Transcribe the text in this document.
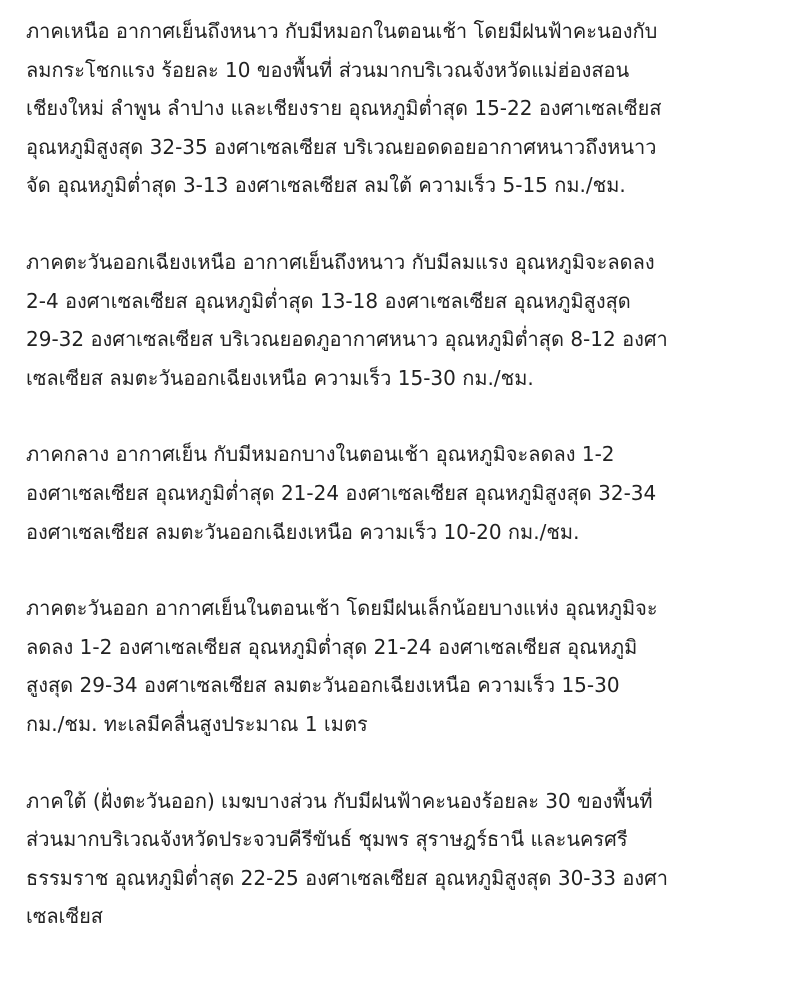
ภาคเหนือ อากาศเย็นถึงหนาว กับมีหมอกในตอนเช้า โดยมีฝนฟ้าคะนองกับ
ลมกระโชกแรง ร้อยละ 10 ของพื้นที่ ส่วนมากบริเวณจังหวัดแม่ฮ่องสอน
เชียงใหม่ ลำพูน ลำปาง และเชียงราย อุณหภูมิต่ำสุด 15-22 องศาเซลเซียส
อุณหภูมิสูงสุด 32-35 องศาเซลเซียส บริเวณยอดดอยอากาศหนาวถึงหนาว
จัด อุณหภูมิต่ำสุด 3-13 องศาเซลเซียส ลมใต้ ความเร็ว 5-15 กม./ชม.

ภาคตะวันออกเฉียงเหนือ อากาศเย็นถึงหนาว กับมีลมแรง อุณหภูมิจะลดลง
2-4 องศาเซลเซียส อุณหภูมิต่ำสุด 13-18 องศาเซลเซียส อุณหภูมิสูงสุด
29-32 องศาเซลเซียส บริเวณยอดภูอากาศหนาว อุณหภูมิต่ำสุด 8-12 องศา
เซลเซียส ลมตะวันออกเฉียงเหนือ ความเร็ว 15-30 กม./ชม.

ภาคกลาง อากาศเย็น กับมีหมอกบางในตอนเช้า อุณหภูมิจะลดลง 1-2
องศาเซลเซียส อุณหภูมิต่ำสุด 21-24 องศาเซลเซียส อุณหภูมิสูงสุด 32-34
องศาเซลเซียส ลมตะวันออกเฉียงเหนือ ความเร็ว 10-20 กม./ชม.

ภาคตะวันออก อากาศเย็นในตอนเช้า โดยมีฝนเล็กน้อยบางแห่ง อุณหภูมิจะ
ลดลง 1-2 องศาเซลเซียส อุณหภูมิต่ำสุด 21-24 องศาเซลเซียส อุณหภูมิ
สูงสุด 29-34 องศาเซลเซียส ลมตะวันออกเฉียงเหนือ ความเร็ว 15-30
กม./ชม. ทะเลมีคลื่นสูงประมาณ 1 เมตร

ภาคใต้ (ฝั่งตะวันออก) เมฆบางส่วน กับมีฝนฟ้าคะนองร้อยละ 30 ของพื้นที่
ส่วนมากบริเวณจังหวัดประจวบคีรีขันธ์ ชุมพร สุราษฎร์ธานี และนครศรี
ธรรมราช อุณหภูมิต่ำสุด 22-25 องศาเซลเซียส อุณหภูมิสูงสุด 30-33 องศา
เซลเซียส
